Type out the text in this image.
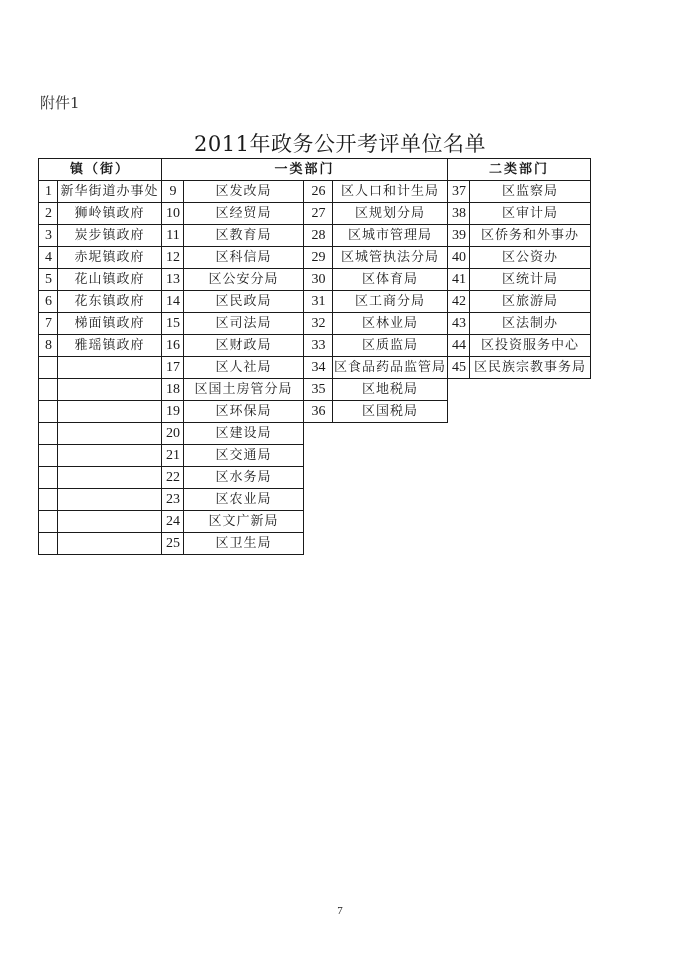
附件1
2011年政务公开考评单位名单
镇（街）		一类部门				二类部门	
1	新华街道办事处	9	区发改局	26	区人口和计生局	37	区监察局
2	狮岭镇政府	10	区经贸局	27	区规划分局	38	区审计局
3	炭步镇政府	11	区教育局	28	区城市管理局	39	区侨务和外事办
4	赤坭镇政府	12	区科信局	29	区城管执法分局	40	区公资办
5	花山镇政府	13	区公安分局	30	区体育局	41	区统计局
6	花东镇政府	14	区民政局	31	区工商分局	42	区旅游局
7	梯面镇政府	15	区司法局	32	区林业局	43	区法制办
8	雅瑶镇政府	16	区财政局	33	区质监局	44	区投资服务中心
		17	区人社局	34	区食品药品监管局	45	区民族宗教事务局
		18	区国土房管分局	35	区地税局		
		19	区环保局	36	区国税局		
		20	区建设局				
		21	区交通局				
		22	区水务局				
		23	区农业局				
		24	区文广新局				
		25	区卫生局				
7
